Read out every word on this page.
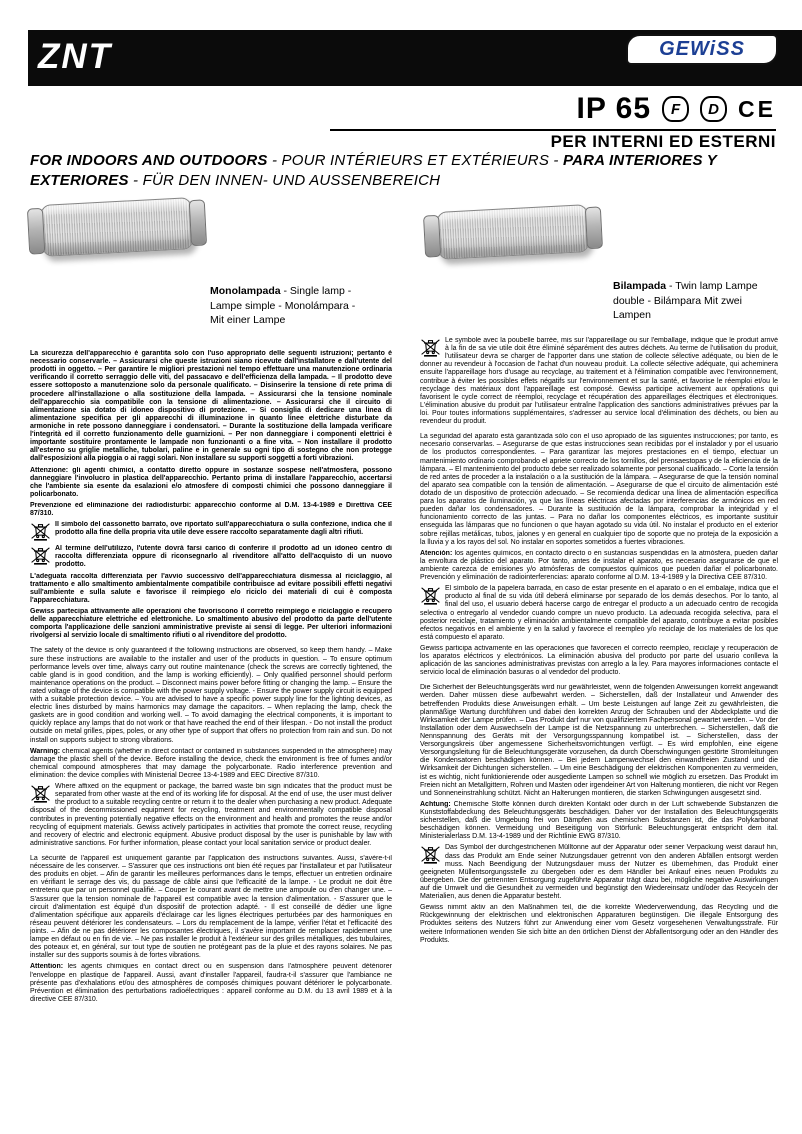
ZNT	GEWiSS
IP 65	F	D CE
PER INTERNI ED ESTERNI
FOR INDOORS AND OUTDOORS - POUR INTÉRIEURS ET EXTÉRIEURS - PARA INTERIORES Y EXTERIORES - FÜR DEN INNEN- UND AUSSENBEREICH
Monolampada - Single lamp - Lampe simple - Monolámpara - Mit einer Lampe
Bilampada - Twin lamp Lampe double - Bilámpara Mit zwei Lampen
La sicurezza dell'apparecchio è garantita solo con l'uso appropriato delle seguenti istruzioni; pertanto è necessario conservarle. – Assicurarsi che queste istruzioni siano ricevute dall'installatore e dall'utente del prodotti in oggetto. – Per garantire le migliori prestazioni nel tempo effettuare una manutenzione ordinaria verificando il corretto serraggio delle viti, del passacavo e dell'efficienza della lampada. – Il prodotto deve essere sottoposto a manutenzione solo da personale qualificato. – Disinserire la tensione di rete prima di procedere all'installazione o alla sostituzione della lampada. – Assicurarsi che la tensione nominale dell'apparecchio sia compatibile con la tensione di alimentazione. – Assicurarsi che il circuito di alimentazione sia dotato di idoneo dispositivo di protezione. – Si consiglia di dedicare una linea di alimentazione specifica per gli apparecchi di illuminazione in quanto linee elettriche disturbate da armoniche in rete possono danneggiare i condensatori. – Durante la sostituzione della lampada verificare l'integrità ed il corretto funzionamento delle guarnizioni. – Per non danneggiare i componenti elettrici è importante sostituire prontamente le lampade non funzionanti o a fine vita. – Non installare il prodotto all'esterno su griglie metalliche, tubolari, paline e in generale su ogni tipo di sostegno che non protegge dall'esposizioni alla pioggia o ai raggi solari. Non installare su supporti soggetti a forti vibrazioni.
Attenzione: gli agenti chimici, a contatto diretto oppure in sostanze sospese nell'atmosfera, possono danneggiare l'involucro in plastica dell'apparecchio. Pertanto prima di installare l'apparecchio, accertarsi che l'ambiente sia esente da esalazioni e/o atmosfere di composti chimici che possono danneggiare il policarbonato.
Prevenzione ed eliminazione dei radiodisturbi: apparecchio conforme al D.M. 13-4-1989 e Direttiva CEE 87/310.
Il simbolo del cassonetto barrato, ove riportato sull'apparecchiatura o sulla confezione, indica che il prodotto alla fine della propria vita utile deve essere raccolto separatamente dagli altri rifiuti.
Al termine dell'utilizzo, l'utente dovrà farsi carico di conferire il prodotto ad un idoneo centro di raccolta differenziata oppure di riconsegnarlo al rivenditore all'atto dell'acquisto di un nuovo prodotto.
L'adeguata raccolta differenziata per l'avvio successivo dell'apparecchiatura dismessa al riciclaggio, al trattamento e allo smaltimento ambientalmente compatibile contribuisce ad evitare possibili effetti negativi sull'ambiente e sulla salute e favorisce il reimpiego e/o riciclo dei materiali di cui è composta l'apparecchiatura.
Gewiss partecipa attivamente alle operazioni che favoriscono il corretto reimpiego e riciclaggio e recupero delle apparecchiature elettriche ed elettroniche. Lo smaltimento abusivo del prodotto da parte dell'utente comporta l'applicazione delle sanzioni amministrative previste ai sensi di legge. Per ulteriori informazioni rivolgersi al servizio locale di smaltimento rifiuti o al rivenditore del prodotto.
The safety of the device is only guaranteed if the following instructions are observed, so keep them handy. – Make sure these instructions are available to the installer and user of the products in question. – To ensure optimum performance levels over time, always carry out routine maintenance (check the screws are correctly tightened, the cable gland is in good condition, and the lamp is working efficiently). – Only qualified personnel should perform maintenance operations on the product. – Disconnect mains power before fitting or changing the lamp. – Ensure the rated voltage of the device is compatible with the power supply voltage. - Ensure the power supply circuit is equipped with a suitable protection device. – You are advised to have a specific power supply line for the lighting devices, as electric lines disturbed by mains harmonics may damage the capacitors. – When replacing the lamp, check the gaskets are in good condition and working well. – To avoid damaging the electrical components, it is important to quickly replace any lamps that do not work or that have reached the end of their lifespan. - Do not install the product outside on metal grilles, pipes, poles, or any other type of support that offers no protection from rain and sun. Do not install on supports subject to strong vibrations.
Warning: chemical agents (whether in direct contact or contained in substances suspended in the atmosphere) may damage the plastic shell of the device. Before installing the device, check the environment is free of fumes and/or chemical compound atmospheres that may damage the polycarbonate. Radio interference prevention and elimination: the device complies with Ministerial Decree 13-4-1989 and EEC Directive 87/310.
Where affixed on the equipment or package, the barred waste bin sign indicates that the product must be separated from other waste at the end of its working life for disposal. At the end of use, the user must deliver the product to a suitable recycling centre or return it to the dealer when purchasing a new product. Adequate disposal of the decommissioned equipment for recycling, treatment and environmentally compatible disposal contributes in preventing potentially negative effects on the environment and health and promotes the reuse and/or recycling of equipment materials. Gewiss actively participates in activities that promote the correct reuse, recycling and recovery of electric and electronic equipment. Abusive product disposal by the user is punishable by law with administrative sanctions. For further information, please contact your local sanitation service or product dealer.
La sécurité de l'appareil est uniquement garantie par l'application des instructions suivantes. Aussi, s'avère-t-il nécessaire de les conserver. – S'assurer que ces instructions ont bien été reçues par l'installateur et par l'utilisateur des produits en objet. – Afin de garantir les meilleures performances dans le temps, effectuer un entretien ordinaire en vérifiant le serrage des vis, du passage de câble ainsi que l'efficacité de la lampe. - Le produit ne doit être entretenu que par un personnel qualifié. – Couper le courant avant de mettre une ampoule ou d'en changer une. – S'assurer que la tension nominale de l'appareil est compatible avec la tension d'alimentation. - S'assurer que le circuit d'alimentation est équipé d'un dispositif de protection adapté. - Il est conseillé de dédier une ligne d'alimentation spécifique aux appareils d'éclairage car les lignes électriques perturbées par des harmoniques en réseau peuvent détériorer les condensateurs. – Lors du remplacement de la lampe, vérifier l'état et l'efficacité des joints. – Afin de ne pas détériorer les composantes électriques, il s'avère important de remplacer rapidement une lampe en défaut ou en fin de vie. – Ne pas installer le produit à l'extérieur sur des grilles métalliques, des tubulaires, des poteaux et, en général, sur tout type de soutien ne protégeant pas de la pluie et des rayons solaires. Ne pas installer sur des supports soumis à de fortes vibrations.
Attention: les agents chimiques en contact direct ou en suspension dans l'atmosphère peuvent détériorer l'enveloppe en plastique de l'appareil. Aussi, avant d'installer l'appareil, faudra-t-il s'assurer que l'ambiance ne présente pas d'exhalations et/ou des atmosphères de composés chimiques pouvant détériorer le polycarbonate. Prévention et élimination des perturbations radioélectriques : appareil conforme au D.M. du 13 avril 1989 et à la directive CEE 87/310.
Le symbole avec la poubelle barrée, mis sur l'appareillage ou sur l'emballage, indique que le produit arrivé à la fin de sa vie utile doit être éliminé séparément des autres déchets. Au terme de l'utilisation du produit, l'utilisateur devra se charger de l'apporter dans une station de collecte sélective adéquate, ou bien de le donner au revendeur à l'occasion de l'achat d'un nouveau produit. La collecte sélective adéquate, qui acheminera ensuite l'appareillage hors d'usage au recyclage, au traitement et à l'élimination compatible avec l'environnement, contribue à éviter les possibles effets négatifs sur l'environnement et sur la santé, et favorise le réemploi et/ou le recyclage des matériaux dont l'appareillage est composé. Gewiss participe activement aux opérations qui favorisent le cycle correct de réemploi, recyclage et récupération des appareillages électriques et électroniques. L'élimination abusive du produit par l'utilisateur entraîne l'application des sanctions administratives prévues par la loi. Pour toutes informations supplémentaires, s'adresser au service local d'élimination des déchets, ou bien au revendeur du produit.
La seguridad del aparato está garantizada sólo con el uso apropiado de las siguientes instrucciones; por tanto, es necesario conservarlas. – Asegurarse de que estas instrucciones sean recibidas por el instalador y por el usuario de los productos correspondientes. – Para garantizar las mejores prestaciones en el tiempo, efectuar un mantenimiento ordinario comprobando el apriete correcto de los tornillos, del prensaestopas y de la eficiencia de la lámpara. – El mantenimiento del producto debe ser realizado solamente por personal cualificado. – Corte la tensión de red antes de proceder a la instalación o a la sustitución de la lámpara. – Asegurarse de que la tensión nominal del aparato sea compatible con la tensión de alimentación. – Asegurarse de que el circuito de alimentación esté dotado de un dispositivo de protección adecuado. – Se recomienda dedicar una línea de alimentación específica para los aparatos de iluminación, ya que las líneas eléctricas afectadas por interferencias de armónicos en red pueden dañar los condensadores. – Durante la sustitución de la lámpara, comprobar la integridad y el funcionamiento correcto de las juntas. – Para no dañar los componentes eléctricos, es importante sustituir enseguida las lámparas que no funcionen o que hayan agotado su vida útil. No instalar el producto en el exterior sobre rejillas metálicas, tubos, jalones y en general en cualquier tipo de soporte que no proteja de la exposición a la lluvia y a los rayos del sol. No instalar en soportes sometidos a fuertes vibraciones.
Atención: los agentes químicos, en contacto directo o en sustancias suspendidas en la atmósfera, pueden dañar la envoltura de plástico del aparato. Por tanto, antes de instalar el aparato, es necesario asegurarse de que el ambiente carezca de emisiones y/o atmósferas de compuestos químicos que pueden dañar el policarbonato. Prevención y eliminación de radiointerferencias: aparato conforme al D.M. 13-4-1989 y la Directiva CEE 87/310.
El símbolo de la papelera barrada, en caso de estar presente en el aparato o en el embalaje, indica que el producto al final de su vida útil deberá eliminarse por separado de los demás desechos. Por lo tanto, al final del uso, el usuario deberá hacerse cargo de entregar el producto a un adecuado centro de recogida selectiva o entregarlo al vendedor cuando compre un nuevo producto. La adecuada recogida selectiva, para el posterior reciclaje, tratamiento y eliminación ambientalmente compatible del aparato, contribuye a evitar posibles efectos negativos en el ambiente y en la salud y favorece el reempleo y/o reciclaje de los materiales de los que está compuesto el aparato.
Gewiss participa activamente en las operaciones que favorecen el correcto reempleo, reciclaje y recuperación de los aparatos eléctricos y electrónicos. La eliminación abusiva del producto por parte del usuario conlleva la aplicación de las sanciones administrativas previstas con arreglo a la ley. Para mayores informaciones contacte el servicio local de eliminación basuras o al vendedor del producto.
Die Sicherheit der Beleuchtungsgeräts wird nur gewährleistet, wenn die folgenden Anweisungen korrekt angewandt werden. Daher müssen diese aufbewahrt werden. – Sicherstellen, daß der Installateur und Anwender des betreffenden Produkts diese Anweisungen erhält. – Um beste Leistungen auf lange Zeit zu gewährleisten, die planmäßige Wartung durchführen und dabei den korrekten Anzug der Schrauben und der Abdeckplatte und die Wirksamkeit der Lampe prüfen. – Das Produkt darf nur von qualifiziertem Fachpersonal gewartet werden. – Vor der Installation oder dem Auswechseln der Lampe ist die Netzspannung zu unterbrechen. – Sicherstellen, daß die Nennspannung des Geräts mit der Versorgungsspannung kompatibel ist. – Sicherstellen, dass der Versorgungskreis über angemessene Sicherheitsvorrichtungen verfügt. – Es wird empfohlen, eine eigene Versorgungsleitung für die Beleuchtungsgeräte vorzusehen, da durch Oberschwingungen gestörte Stromleitungen die Kondensatoren beschädigen können. – Bei jedem Lampenwechsel den einwandfreien Zustand und die Wirksamkeit der Dichtungen sicherstellen. – Um eine Beschädigung der elektrischen Komponenten zu vermeiden, ist es wichtig, nicht funktionierende oder ausgediente Lampen so schnell wie möglich zu ersetzen. Das Produkt im Freien nicht an Metallgittern, Rohren und Masten oder irgendeiner Art von Halterung montieren, die nicht vor Regen und Sonneneinstrahlung schützt. Nicht an Halterungen montieren, die starken Schwingungen ausgesetzt sind.
Achtung: Chemische Stoffe können durch direkten Kontakt oder durch in der Luft schwebende Substanzen die Kunststoffabdeckung des Beleuchtungsgeräts beschädigen. Daher vor der Installation des Beleuchtungsgeräts sicherstellen, daß die Umgebung frei von Dämpfen aus chemischen Substanzen ist, die das Polykarbonat beschädigen können. Vermeidung und Beseitigung von Störfunk: Beleuchtungsgerät entspricht dem ital. Ministerialerlass D.M. 13-4-1989 und der Richtlinie EWG 87/310.
Das Symbol der durchgestrichenen Mülltonne auf der Apparatur oder seiner Verpackung weist darauf hin, dass das Produkt am Ende seiner Nutzungsdauer getrennt von den anderen Abfällen entsorgt werden muss. Nach Beendigung der Nutzungsdauer muss der Nutzer es übernehmen, das Produkt einer geeigneten Müllentsorgungsstelle zu übergeben oder es dem Händler bei Ankauf eines neuen Produkts zu übergeben. Die der getrennten Entsorgung zugeführte Apparatur trägt dazu bei, mögliche negative Auswirkungen auf die Umwelt und die Gesundheit zu vermeiden und begünstigt den Wiedereinsatz und/oder das Recyceln der Materialien, aus denen die Apparatur besteht.
Gewiss nimmt aktiv an den Maßnahmen teil, die die korrekte Wiederverwendung, das Recycling und die Rückgewinnung der elektrischen und elektronischen Apparaturen begünstigen. Die illegale Entsorgung des Produktes seitens des Nutzers führt zur Anwendung einer vom Gesetz vorgesehenen Verwaltungsstrafe. Für weitere Informationen wenden Sie sich bitte an den örtlichen Dienst der Abfallentsorgung oder an den Händler des Produkts.
